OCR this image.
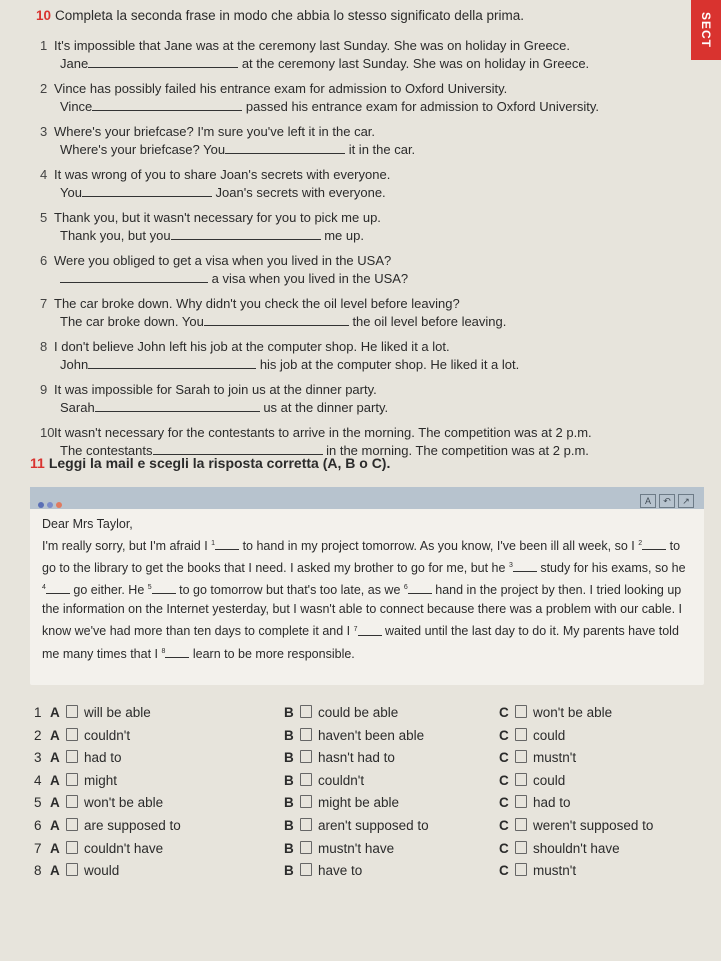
SECT
10 Completa la seconda frase in modo che abbia lo stesso significato della prima.
1 It's impossible that Jane was at the ceremony last Sunday. She was on holiday in Greece.
Jane	at the ceremony last Sunday. She was on holiday in Greece.
2 Vince has possibly failed his entrance exam for admission to Oxford University.
Vince	passed his entrance exam for admission to Oxford University.
3 Where's your briefcase? I'm sure you've left it in the car.
Where's your briefcase? You	it in the car.
4 It was wrong of you to share Joan's secrets with everyone.
You	Joan's secrets with everyone.
5 Thank you, but it wasn't necessary for you to pick me up.
Thank you, but you	me up.
6 Were you obliged to get a visa when you lived in the USA?
a visa when you lived in the USA?
7 The car broke down. Why didn't you check the oil level before leaving?
The car broke down. You	the oil level before leaving.
8 I don't believe John left his job at the computer shop. He liked it a lot.
John	his job at the computer shop. He liked it a lot.
9 It was impossible for Sarah to join us at the dinner party.
Sarah	us at the dinner party.
10It wasn't necessary for the contestants to arrive in the morning. The competition was at 2 p.m.
The contestants	in the morning. The competition was at 2 p.m.
11 Leggi la mail e scegli la risposta corretta (A, B o C).
A ↶ ↗

Dear Mrs Taylor,

I'm really sorry, but I'm afraid I $^1$ to hand in my project tomorrow. As you know, I've been ill all week, so I $^2$ to go to the library to get the books that I need. I asked my brother to go for me, but he $^3$ study for his exams, so he $^4$ go either. He $^5$ to go tomorrow but that's too late, as we $^6$ hand in the project by then. I tried looking up the information on the Internet yesterday, but I wasn't able to connect because there was a problem with our cable. I know we've had more than ten days to complete it and I $^7$ waited until the last day to do it. My parents have told me many times that I $^8$ learn to be more responsible.

1 A will be able	B could be able	C won't be able
2 A couldn't	B haven't been able	C could
3 A had to	B hasn't had to	C mustn't
4 A might	B couldn't	C could
5 A won't be able	B might be able	C had to
6 A are supposed to	B aren't supposed to	C weren't supposed to
7 A couldn't have	B mustn't have	C shouldn't have
8 A would	B have to	C mustn't
